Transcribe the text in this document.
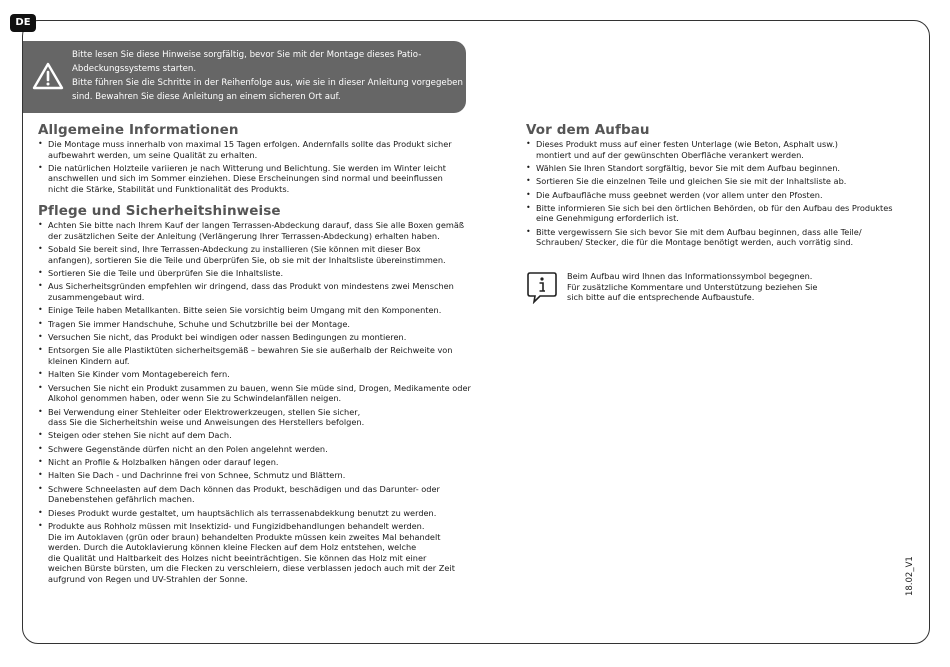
DE
Bitte lesen Sie diese Hinweise sorgfältig, bevor Sie mit der Montage dieses Patio-
Abdeckungssystems starten.
Bitte führen Sie die Schritte in der Reihenfolge aus, wie sie in dieser Anleitung vorgegeben
sind. Bewahren Sie diese Anleitung an einem sicheren Ort auf.
Allgemeine Informationen
• Die Montage muss innerhalb von maximal 15 Tagen erfolgen. Andernfalls sollte das Produkt sicher
aufbewahrt werden, um seine Qualität zu erhalten.
• Die natürlichen Holzteile variieren je nach Witterung und Belichtung. Sie werden im Winter leicht
anschwellen und sich im Sommer einziehen. Diese Erscheinungen sind normal und beeinflussen
nicht die Stärke, Stabilität und Funktionalität des Produkts.
Pflege und Sicherheitshinweise
• Achten Sie bitte nach Ihrem Kauf der langen Terrassen-Abdeckung darauf, dass Sie alle Boxen gemäß
der zusätzlichen Seite der Anleitung (Verlängerung Ihrer Terrassen-Abdeckung) erhalten haben.
• Sobald Sie bereit sind, Ihre Terrassen-Abdeckung zu installieren (Sie können mit dieser Box
anfangen), sortieren Sie die Teile und überprüfen Sie, ob sie mit der Inhaltsliste übereinstimmen.
• Sortieren Sie die Teile und überprüfen Sie die Inhaltsliste.
• Aus Sicherheitsgründen empfehlen wir dringend, dass das Produkt von mindestens zwei Menschen
zusammengebaut wird.
• Einige Teile haben Metallkanten. Bitte seien Sie vorsichtig beim Umgang mit den Komponenten.
• Tragen Sie immer Handschuhe, Schuhe und Schutzbrille bei der Montage.
• Versuchen Sie nicht, das Produkt bei windigen oder nassen Bedingungen zu montieren.
• Entsorgen Sie alle Plastiktüten sicherheitsgemäß – bewahren Sie sie außerhalb der Reichweite von
kleinen Kindern auf.
• Halten Sie Kinder vom Montagebereich fern.
• Versuchen Sie nicht ein Produkt zusammen zu bauen, wenn Sie müde sind, Drogen, Medikamente oder
Alkohol genommen haben, oder wenn Sie zu Schwindelanfällen neigen.
• Bei Verwendung einer Stehleiter oder Elektrowerkzeugen, stellen Sie sicher,
dass Sie die Sicherheitshin weise und Anweisungen des Herstellers befolgen.
• Steigen oder stehen Sie nicht auf dem Dach.
• Schwere Gegenstände dürfen nicht an den Polen angelehnt werden.
• Nicht an Profile & Holzbalken hängen oder darauf legen.
• Halten Sie Dach - und Dachrinne frei von Schnee, Schmutz und Blättern.
• Schwere Schneelasten auf dem Dach können das Produkt, beschädigen und das Darunter- oder
Danebenstehen gefährlich machen.
• Dieses Produkt wurde gestaltet, um hauptsächlich als terrassenabdekkung benutzt zu werden.
• Produkte aus Rohholz müssen mit Insektizid- und Fungizidbehandlungen behandelt werden.
Die im Autoklaven (grün oder braun) behandelten Produkte müssen kein zweites Mal behandelt
werden. Durch die Autoklavierung können kleine Flecken auf dem Holz entstehen, welche
die Qualität und Haltbarkeit des Holzes nicht beeinträchtigen. Sie können das Holz mit einer
weichen Bürste bürsten, um die Flecken zu verschleiern, diese verblassen jedoch auch mit der Zeit
aufgrund von Regen und UV-Strahlen der Sonne.
Vor dem Aufbau
• Dieses Produkt muss auf einer festen Unterlage (wie Beton, Asphalt usw.)
montiert und auf der gewünschten Oberfläche verankert werden.
• Wählen Sie Ihren Standort sorgfältig, bevor Sie mit dem Aufbau beginnen.
• Sortieren Sie die einzelnen Teile und gleichen Sie sie mit der Inhaltsliste ab.
• Die Aufbaufläche muss geebnet werden (vor allem unter den Pfosten.
• Bitte informieren Sie sich bei den örtlichen Behörden, ob für den Aufbau des Produktes
eine Genehmigung erforderlich ist.
• Bitte vergewissern Sie sich bevor Sie mit dem Aufbau beginnen, dass alle Teile/
Schrauben/ Stecker, die für die Montage benötigt werden, auch vorrätig sind.
Beim Aufbau wird Ihnen das Informationssymbol begegnen.
Für zusätzliche Kommentare und Unterstützung beziehen Sie
sich bitte auf die entsprechende Aufbaustufe.
18.02_V1
